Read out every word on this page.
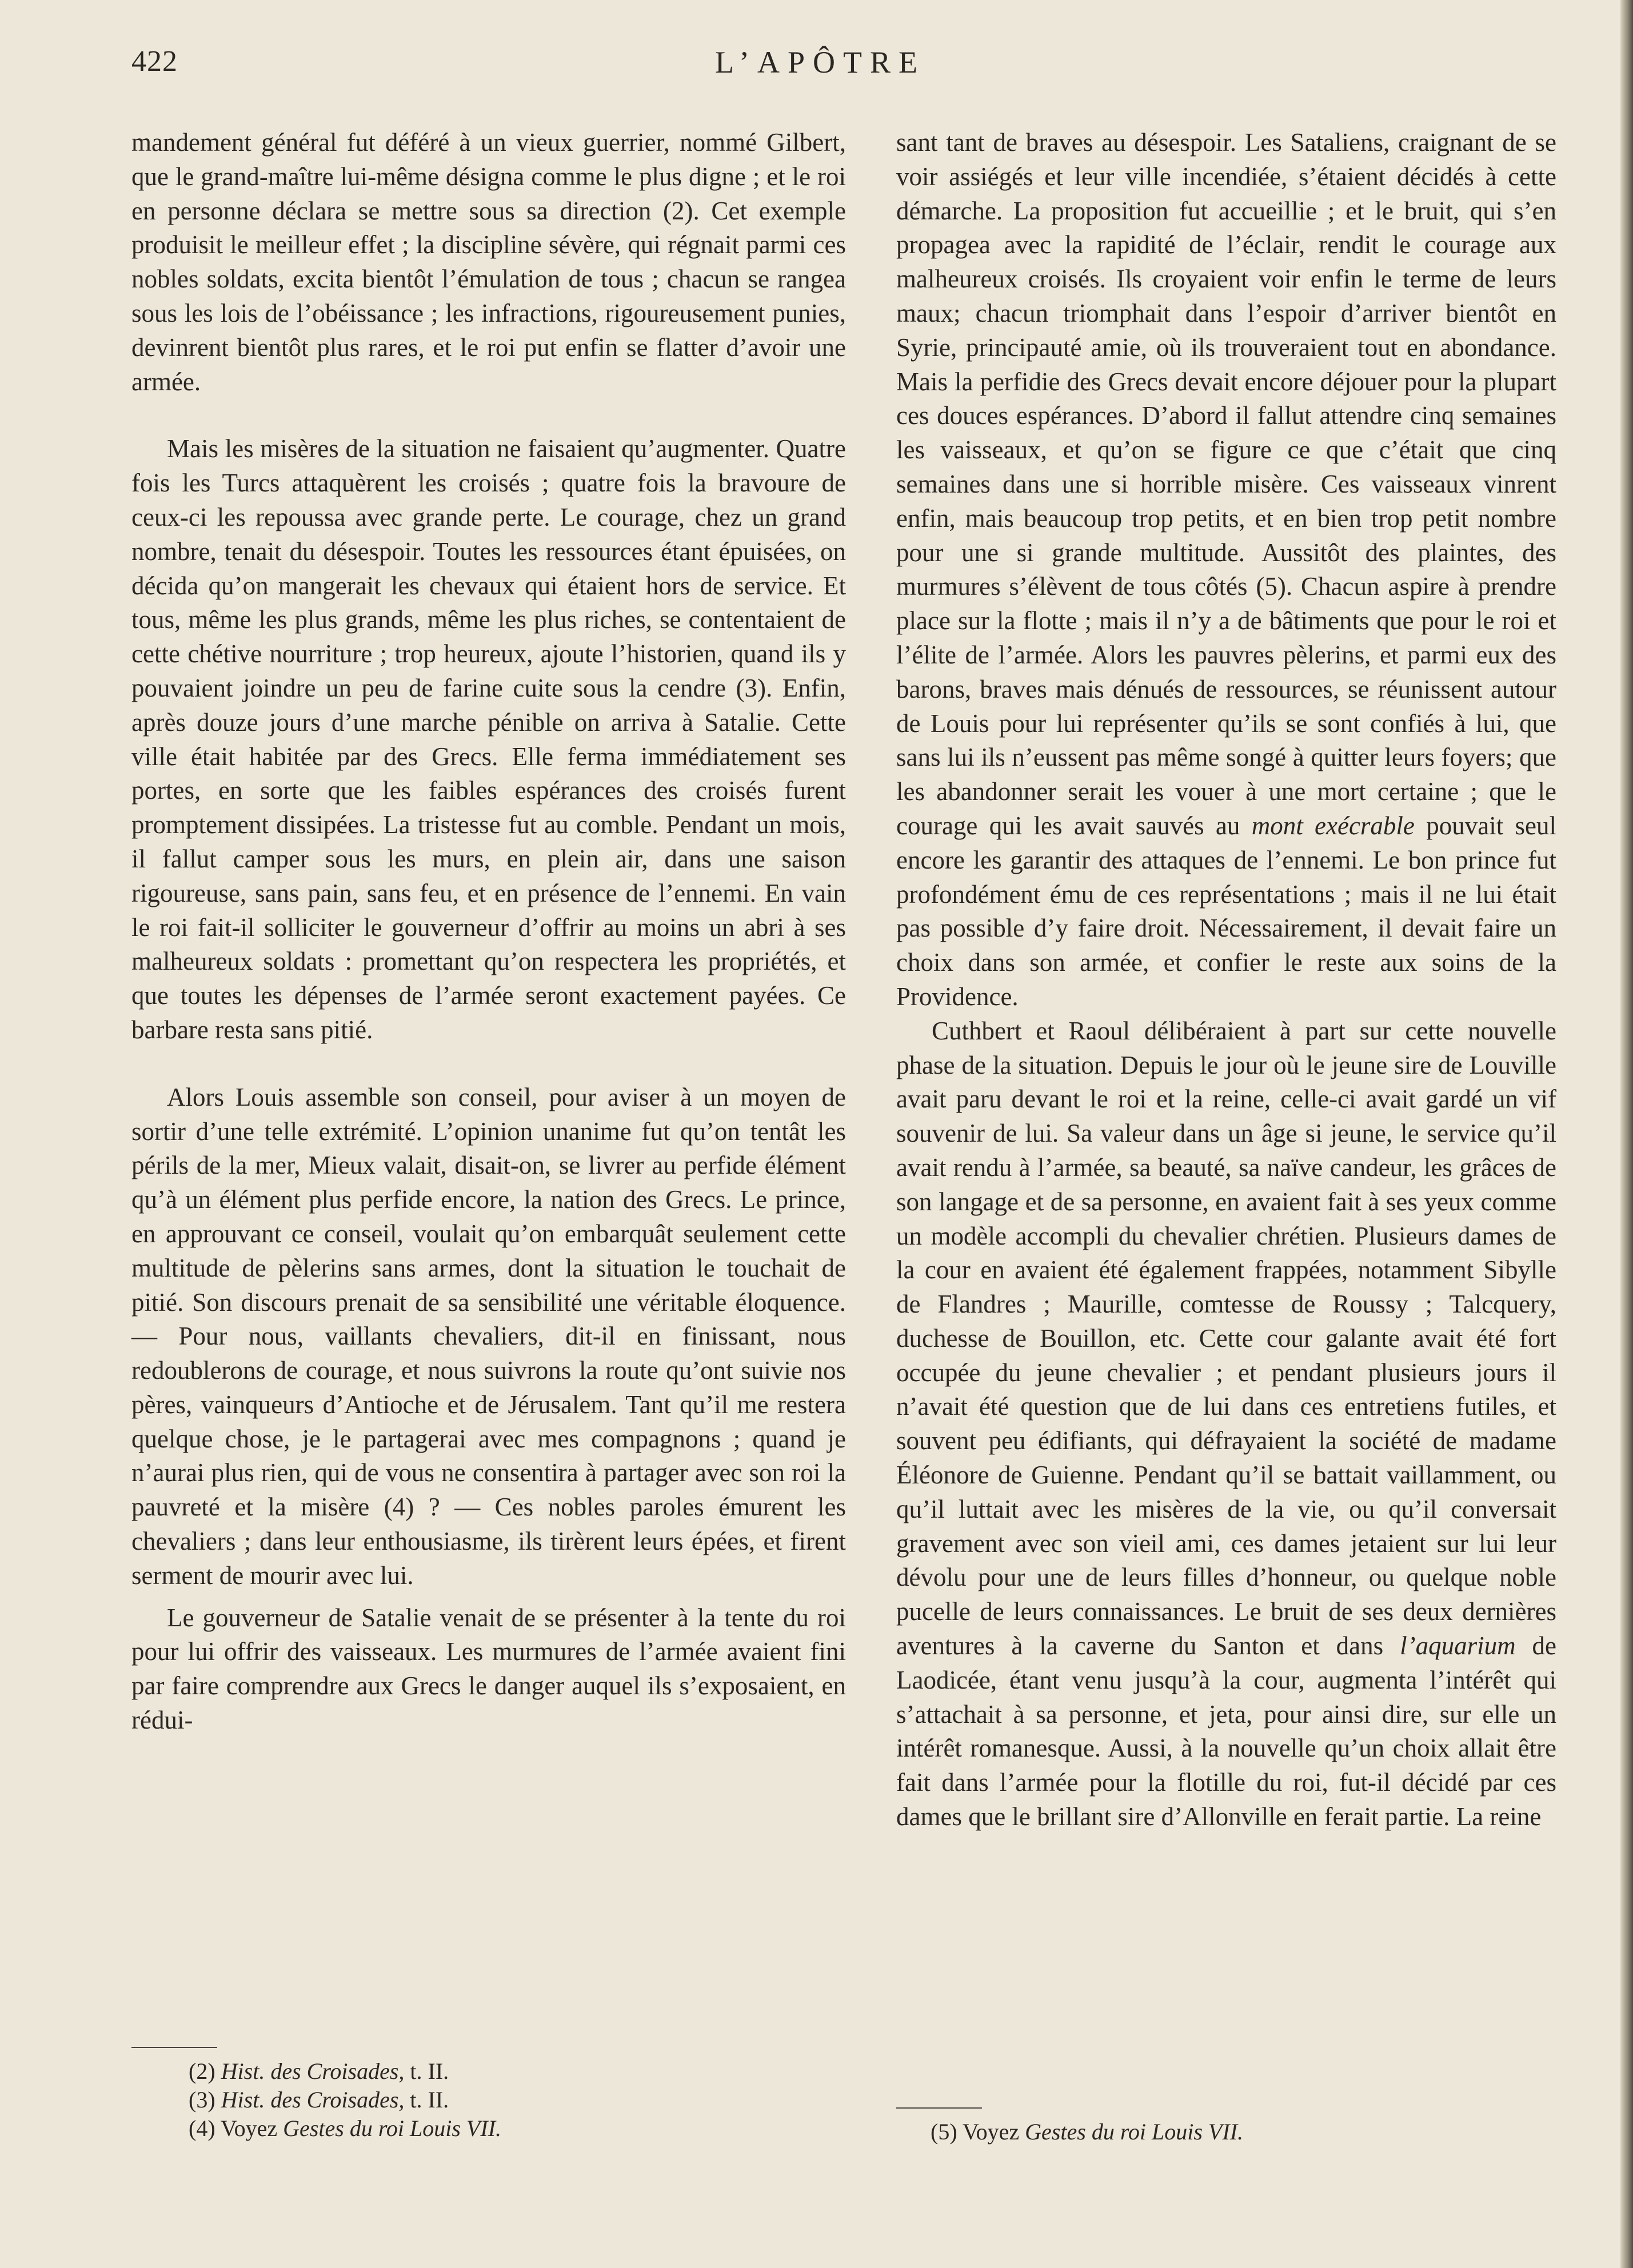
422	L’APÔTRE

mandement général fut déféré à un vieux guerrier, nommé Gilbert, que le grand-maître lui-même désigna comme le plus digne ; et le roi en personne déclara se mettre sous sa direction (2). Cet exemple produisit le meilleur effet ; la discipline sévère, qui régnait parmi ces nobles soldats, excita bientôt l’émulation de tous ; chacun se rangea sous les lois de l’obéissance ; les infractions, rigoureusement punies, devinrent bientôt plus rares, et le roi put enfin se flatter d’avoir une armée.

Mais les misères de la situation ne faisaient qu’augmenter. Quatre fois les Turcs attaquèrent les croisés ; quatre fois la bravoure de ceux-ci les repoussa avec grande perte. Le courage, chez un grand nombre, tenait du désespoir. Toutes les ressources étant épuisées, on décida qu’on mangerait les chevaux qui étaient hors de service. Et tous, même les plus grands, même les plus riches, se contentaient de cette chétive nourriture ; trop heureux, ajoute l’historien, quand ils y pouvaient joindre un peu de farine cuite sous la cendre (3). Enfin, après douze jours d’une marche pénible on arriva à Satalie. Cette ville était habitée par des Grecs. Elle ferma immédiatement ses portes, en sorte que les faibles espérances des croisés furent promptement dissipées. La tristesse fut au comble. Pendant un mois, il fallut camper sous les murs, en plein air, dans une saison rigoureuse, sans pain, sans feu, et en présence de l’ennemi. En vain le roi fait-il solliciter le gouverneur d’offrir au moins un abri à ses malheureux soldats : promettant qu’on respectera les propriétés, et que toutes les dépenses de l’armée seront exactement payées. Ce barbare resta sans pitié.

Alors Louis assemble son conseil, pour aviser à un moyen de sortir d’une telle extrémité. L’opinion unanime fut qu’on tentât les périls de la mer, Mieux valait, disait-on, se livrer au perfide élément qu’à un élément plus perfide encore, la nation des Grecs. Le prince, en approuvant ce conseil, voulait qu’on embarquât seulement cette multitude de pèlerins sans armes, dont la situation le touchait de pitié. Son discours prenait de sa sensibilité une véritable éloquence.— Pour nous, vaillants chevaliers, dit-il en finissant, nous redoublerons de courage, et nous suivrons la route qu’ont suivie nos pères, vainqueurs d’Antioche et de Jérusalem. Tant qu’il me restera quelque chose, je le partagerai avec mes compagnons ; quand je n’aurai plus rien, qui de vous ne consentira à partager avec son roi la pauvreté et la misère (4) ? — Ces nobles paroles émurent les chevaliers ; dans leur enthousiasme, ils tirèrent leurs épées, et firent serment de mourir avec lui.

Le gouverneur de Satalie venait de se présenter à la tente du roi pour lui offrir des vaisseaux. Les murmures de l’armée avaient fini par faire comprendre aux Grecs le danger auquel ils s’exposaient, en rédui-

(2) Hist. des Croisades, t. II.
(3) Hist. des Croisades, t. II.
(4) Voyez Gestes du roi Louis VII.

sant tant de braves au désespoir. Les Sataliens, craignant de se voir assiégés et leur ville incendiée, s’étaient décidés à cette démarche. La proposition fut accueillie ; et le bruit, qui s’en propagea avec la rapidité de l’éclair, rendit le courage aux malheureux croisés. Ils croyaient voir enfin le terme de leurs maux; chacun triomphait dans l’espoir d’arriver bientôt en Syrie, principauté amie, où ils trouveraient tout en abondance. Mais la perfidie des Grecs devait encore déjouer pour la plupart ces douces espérances. D’abord il fallut attendre cinq semaines les vaisseaux, et qu’on se figure ce que c’était que cinq semaines dans une si horrible misère. Ces vaisseaux vinrent enfin, mais beaucoup trop petits, et en bien trop petit nombre pour une si grande multitude. Aussitôt des plaintes, des murmures s’élèvent de tous côtés (5). Chacun aspire à prendre place sur la flotte ; mais il n’y a de bâtiments que pour le roi et l’élite de l’armée. Alors les pauvres pèlerins, et parmi eux des barons, braves mais dénués de ressources, se réunissent autour de Louis pour lui représenter qu’ils se sont confiés à lui, que sans lui ils n’eussent pas même songé à quitter leurs foyers; que les abandonner serait les vouer à une mort certaine ; que le courage qui les avait sauvés au mont exécrable pouvait seul encore les garantir des attaques de l’ennemi. Le bon prince fut profondément ému de ces représentations ; mais il ne lui était pas possible d’y faire droit. Nécessairement, il devait faire un choix dans son armée, et confier le reste aux soins de la Providence.

Cuthbert et Raoul délibéraient à part sur cette nouvelle phase de la situation. Depuis le jour où le jeune sire de Louville avait paru devant le roi et la reine, celle-ci avait gardé un vif souvenir de lui. Sa valeur dans un âge si jeune, le service qu’il avait rendu à l’armée, sa beauté, sa naïve candeur, les grâces de son langage et de sa personne, en avaient fait à ses yeux comme un modèle accompli du chevalier chrétien. Plusieurs dames de la cour en avaient été également frappées, notamment Sibylle de Flandres ; Maurille, comtesse de Roussy ; Talcquery, duchesse de Bouillon, etc. Cette cour galante avait été fort occupée du jeune chevalier ; et pendant plusieurs jours il n’avait été question que de lui dans ces entretiens futiles, et souvent peu édifiants, qui défrayaient la société de madame Éléonore de Guienne. Pendant qu’il se battait vaillamment, ou qu’il luttait avec les misères de la vie, ou qu’il conversait gravement avec son vieil ami, ces dames jetaient sur lui leur dévolu pour une de leurs filles d’honneur, ou quelque noble pucelle de leurs connaissances. Le bruit de ses deux dernières aventures à la caverne du Santon et dans l’aquarium de Laodicée, étant venu jusqu’à la cour, augmenta l’intérêt qui s’attachait à sa personne, et jeta, pour ainsi dire, sur elle un intérêt romanesque. Aussi, à la nouvelle qu’un choix allait être fait dans l’armée pour la flotille du roi, fut-il décidé par ces dames que le brillant sire d’Allonville en ferait partie. La reine

(5) Voyez Gestes du roi Louis VII.
